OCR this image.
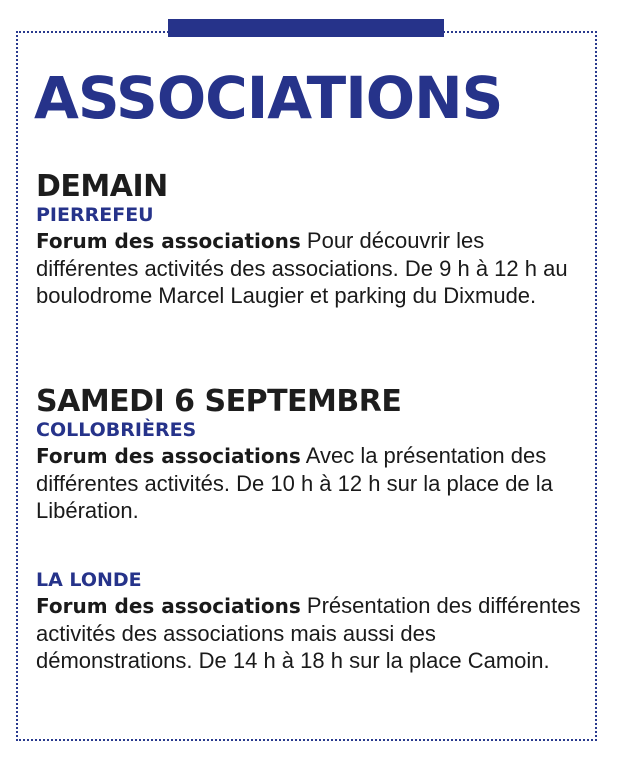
ASSOCIATIONS
DEMAIN
PIERREFEU

Forum des associations Pour découvrir les différentes activités des associations. De 9 h à 12 h au boulodrome Marcel Laugier et parking du Dixmude.

SAMEDI 6 SEPTEMBRE
COLLOBRIÈRES

Forum des associations Avec la présentation des différentes activités. De 10 h à 12 h sur la place de la Libération.

LA LONDE

Forum des associations Présentation des différentes activités des associations mais aussi des démonstrations. De 14 h à 18 h sur la place Camoin.
